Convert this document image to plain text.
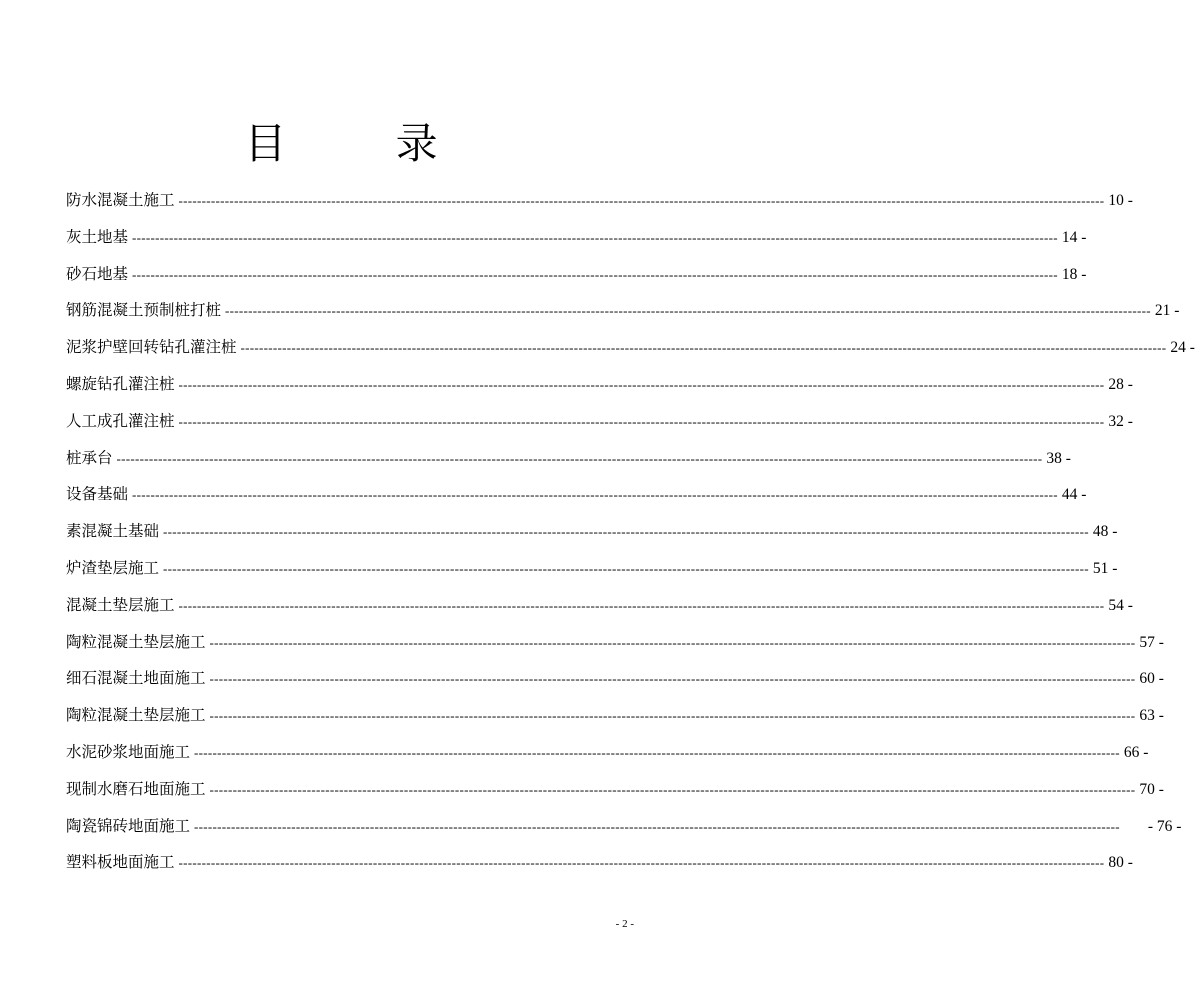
目 录
防水混凝土施工 -------------------------------------------------------------------------------------------------------------------------------------------------------------------------------------------------------- 10 -
灰土地基 -------------------------------------------------------------------------------------------------------------------------------------------------------------------------------------------------------- 14 -
砂石地基 -------------------------------------------------------------------------------------------------------------------------------------------------------------------------------------------------------- 18 -
钢筋混凝土预制桩打桩 -------------------------------------------------------------------------------------------------------------------------------------------------------------------------------------------------------- 21 -
泥浆护壁回转钻孔灌注桩 -------------------------------------------------------------------------------------------------------------------------------------------------------------------------------------------------------- 24 -
螺旋钻孔灌注桩 -------------------------------------------------------------------------------------------------------------------------------------------------------------------------------------------------------- 28 -
人工成孔灌注桩 -------------------------------------------------------------------------------------------------------------------------------------------------------------------------------------------------------- 32 -
桩承台 -------------------------------------------------------------------------------------------------------------------------------------------------------------------------------------------------------- 38 -
设备基础 -------------------------------------------------------------------------------------------------------------------------------------------------------------------------------------------------------- 44 -
素混凝土基础 -------------------------------------------------------------------------------------------------------------------------------------------------------------------------------------------------------- 48 -
炉渣垫层施工 -------------------------------------------------------------------------------------------------------------------------------------------------------------------------------------------------------- 51 -
混凝土垫层施工 -------------------------------------------------------------------------------------------------------------------------------------------------------------------------------------------------------- 54 -
陶粒混凝土垫层施工 -------------------------------------------------------------------------------------------------------------------------------------------------------------------------------------------------------- 57 -
细石混凝土地面施工 -------------------------------------------------------------------------------------------------------------------------------------------------------------------------------------------------------- 60 -
陶粒混凝土垫层施工 -------------------------------------------------------------------------------------------------------------------------------------------------------------------------------------------------------- 63 -
水泥砂浆地面施工 -------------------------------------------------------------------------------------------------------------------------------------------------------------------------------------------------------- 66 -
现制水磨石地面施工 -------------------------------------------------------------------------------------------------------------------------------------------------------------------------------------------------------- 70 -
陶瓷锦砖地面施工 -------------------------------------------------------------------------------------------------------------------------------------------------------------------------------------------------------- - 76 -
塑料板地面施工 -------------------------------------------------------------------------------------------------------------------------------------------------------------------------------------------------------- 80 -
- 2 -
